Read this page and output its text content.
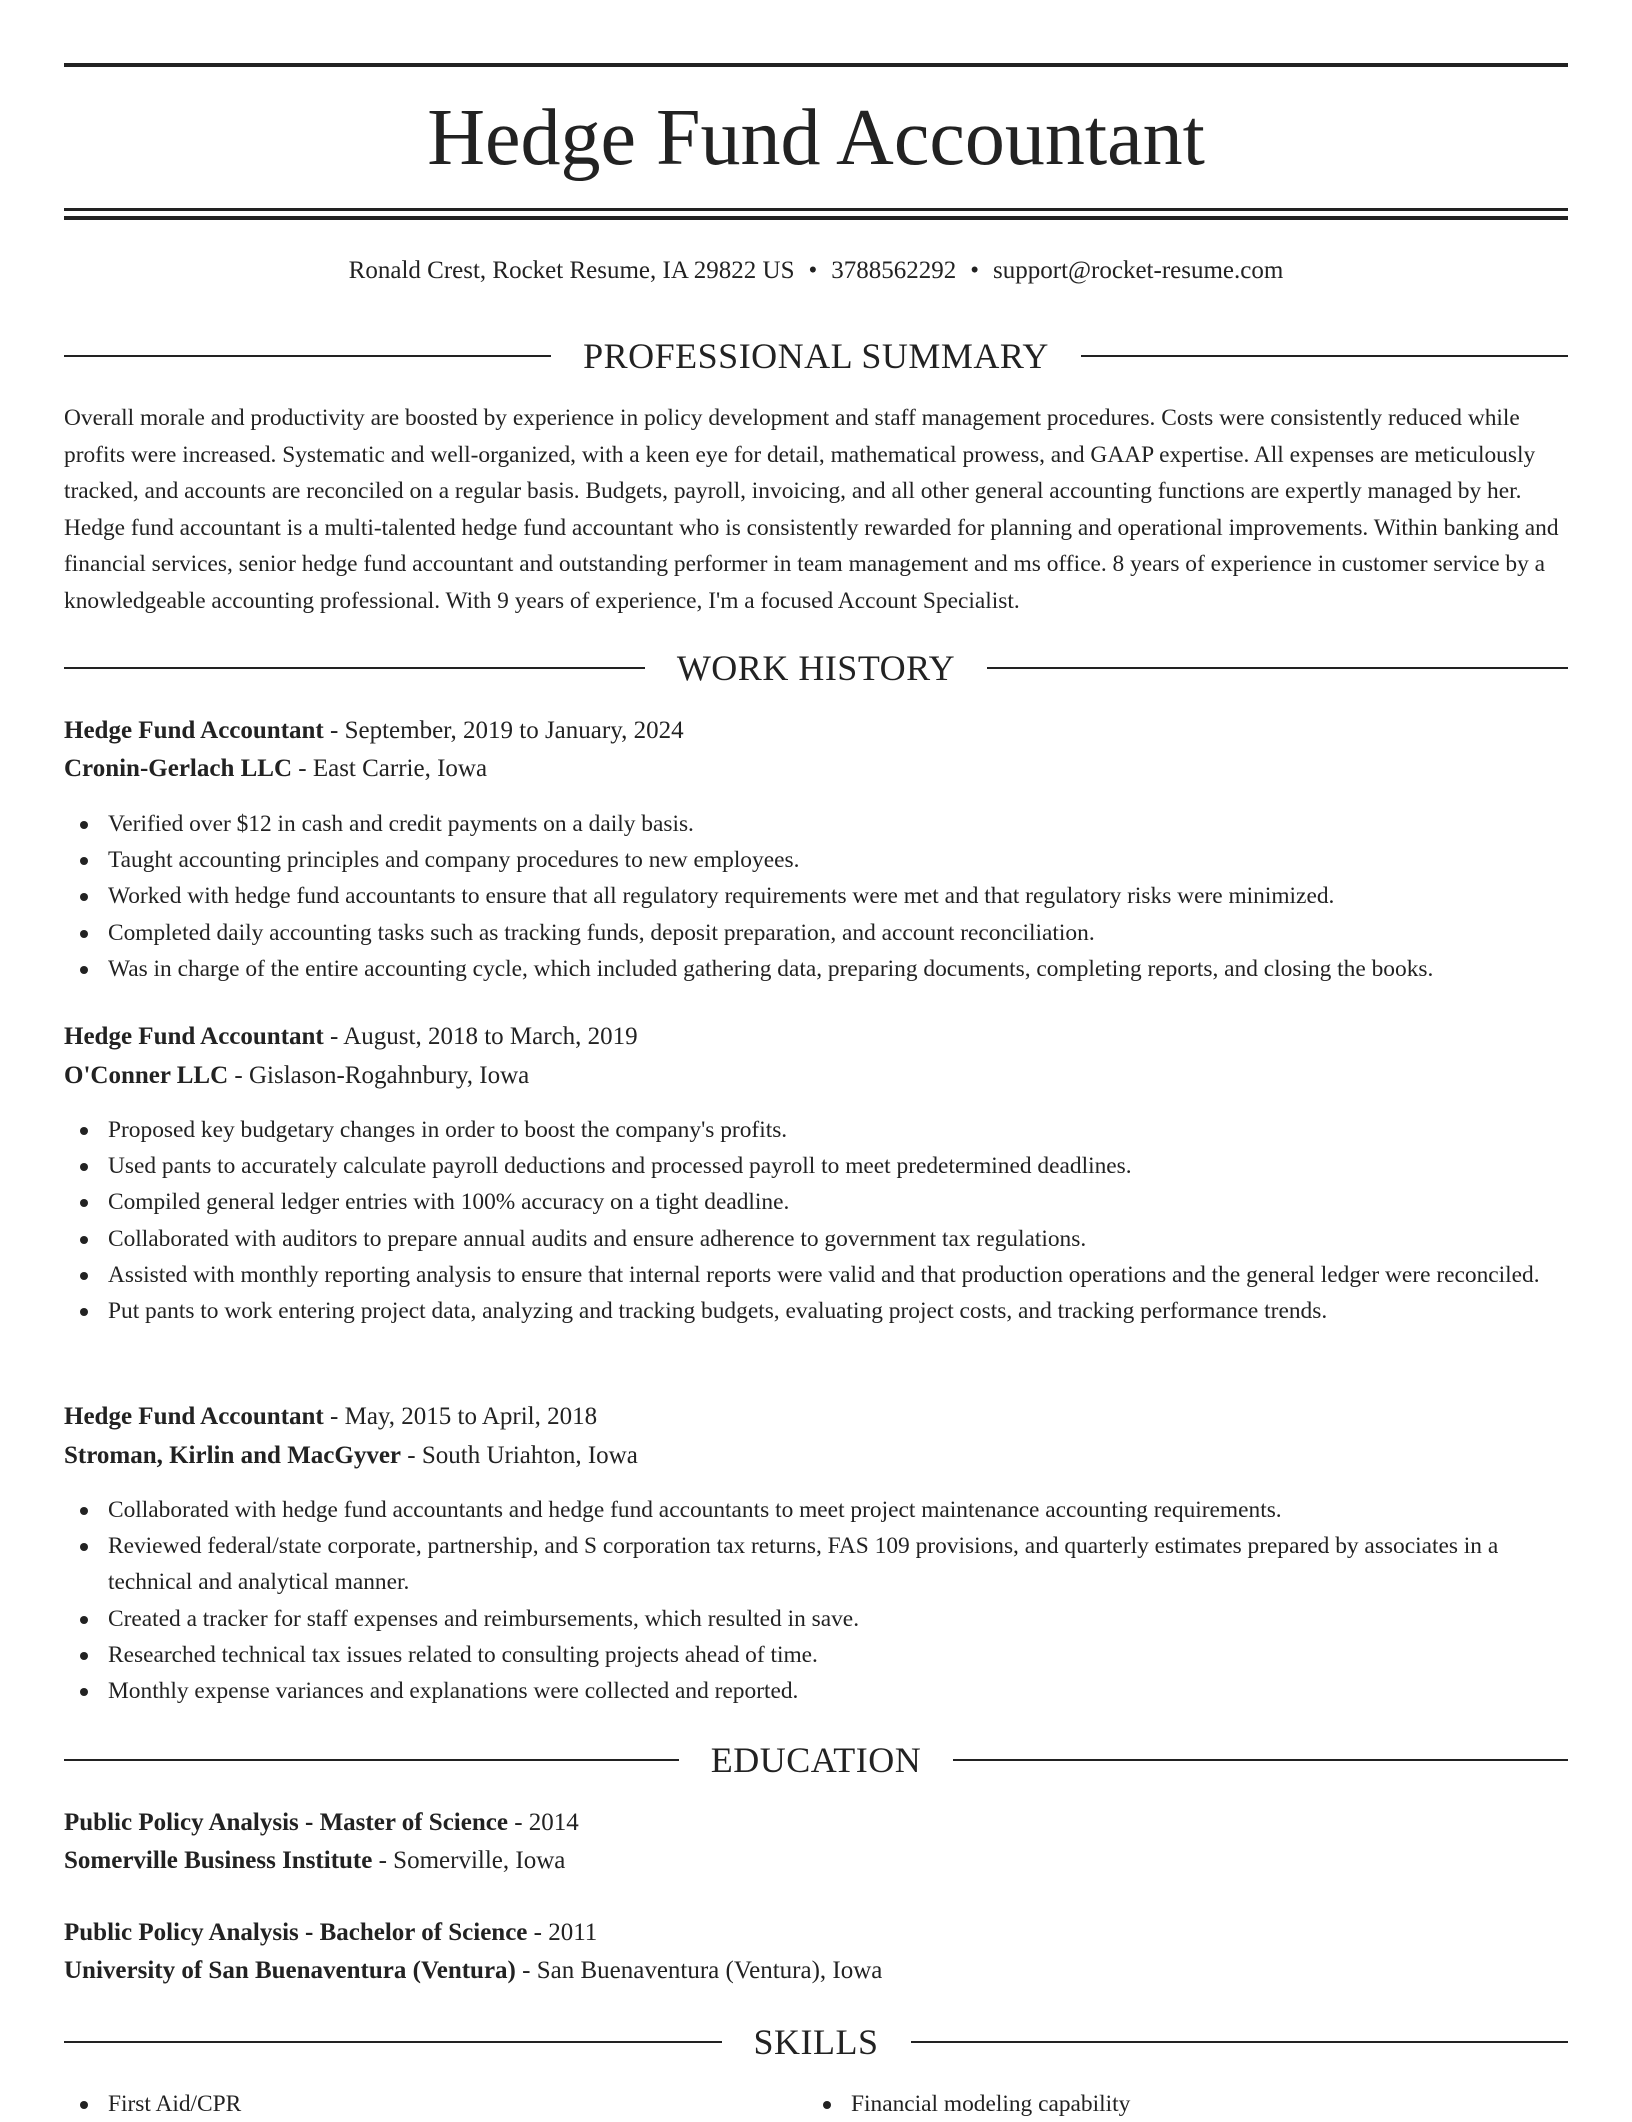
Hedge Fund Accountant
Ronald Crest, Rocket Resume, IA 29822 US • 3788562292 • support@rocket-resume.com
PROFESSIONAL SUMMARY

Overall morale and productivity are boosted by experience in policy development and staff management procedures. Costs were consistently reduced while profits were increased. Systematic and well-organized, with a keen eye for detail, mathematical prowess, and GAAP expertise. All expenses are meticulously tracked, and accounts are reconciled on a regular basis. Budgets, payroll, invoicing, and all other general accounting functions are expertly managed by her. Hedge fund accountant is a multi-talented hedge fund accountant who is consistently rewarded for planning and operational improvements. Within banking and financial services, senior hedge fund accountant and outstanding performer in team management and ms office. 8 years of experience in customer service by a knowledgeable accounting professional. With 9 years of experience, I'm a focused Account Specialist.

WORK HISTORY
Hedge Fund Accountant - September, 2019 to January, 2024
Cronin-Gerlach LLC - East Carrie, Iowa
Verified over $12 in cash and credit payments on a daily basis.
Taught accounting principles and company procedures to new employees.
Worked with hedge fund accountants to ensure that all regulatory requirements were met and that regulatory risks were minimized.
Completed daily accounting tasks such as tracking funds, deposit preparation, and account reconciliation.
Was in charge of the entire accounting cycle, which included gathering data, preparing documents, completing reports, and closing the books.
Hedge Fund Accountant - August, 2018 to March, 2019
O'Conner LLC - Gislason-Rogahnbury, Iowa
Proposed key budgetary changes in order to boost the company's profits.
Used pants to accurately calculate payroll deductions and processed payroll to meet predetermined deadlines.
Compiled general ledger entries with 100% accuracy on a tight deadline.
Collaborated with auditors to prepare annual audits and ensure adherence to government tax regulations.
Assisted with monthly reporting analysis to ensure that internal reports were valid and that production operations and the general ledger were reconciled.
Put pants to work entering project data, analyzing and tracking budgets, evaluating project costs, and tracking performance trends.
Hedge Fund Accountant - May, 2015 to April, 2018
Stroman, Kirlin and MacGyver - South Uriahton, Iowa
Collaborated with hedge fund accountants and hedge fund accountants to meet project maintenance accounting requirements.
Reviewed federal/state corporate, partnership, and S corporation tax returns, FAS 109 provisions, and quarterly estimates prepared by associates in a technical and analytical manner.
Created a tracker for staff expenses and reimbursements, which resulted in save.
Researched technical tax issues related to consulting projects ahead of time.
Monthly expense variances and explanations were collected and reported.
EDUCATION
Public Policy Analysis - Master of Science - 2014
Somerville Business Institute - Somerville, Iowa
Public Policy Analysis - Bachelor of Science - 2011
University of San Buenaventura (Ventura) - San Buenaventura (Ventura), Iowa
SKILLS
First Aid/CPR	Financial modeling capability
